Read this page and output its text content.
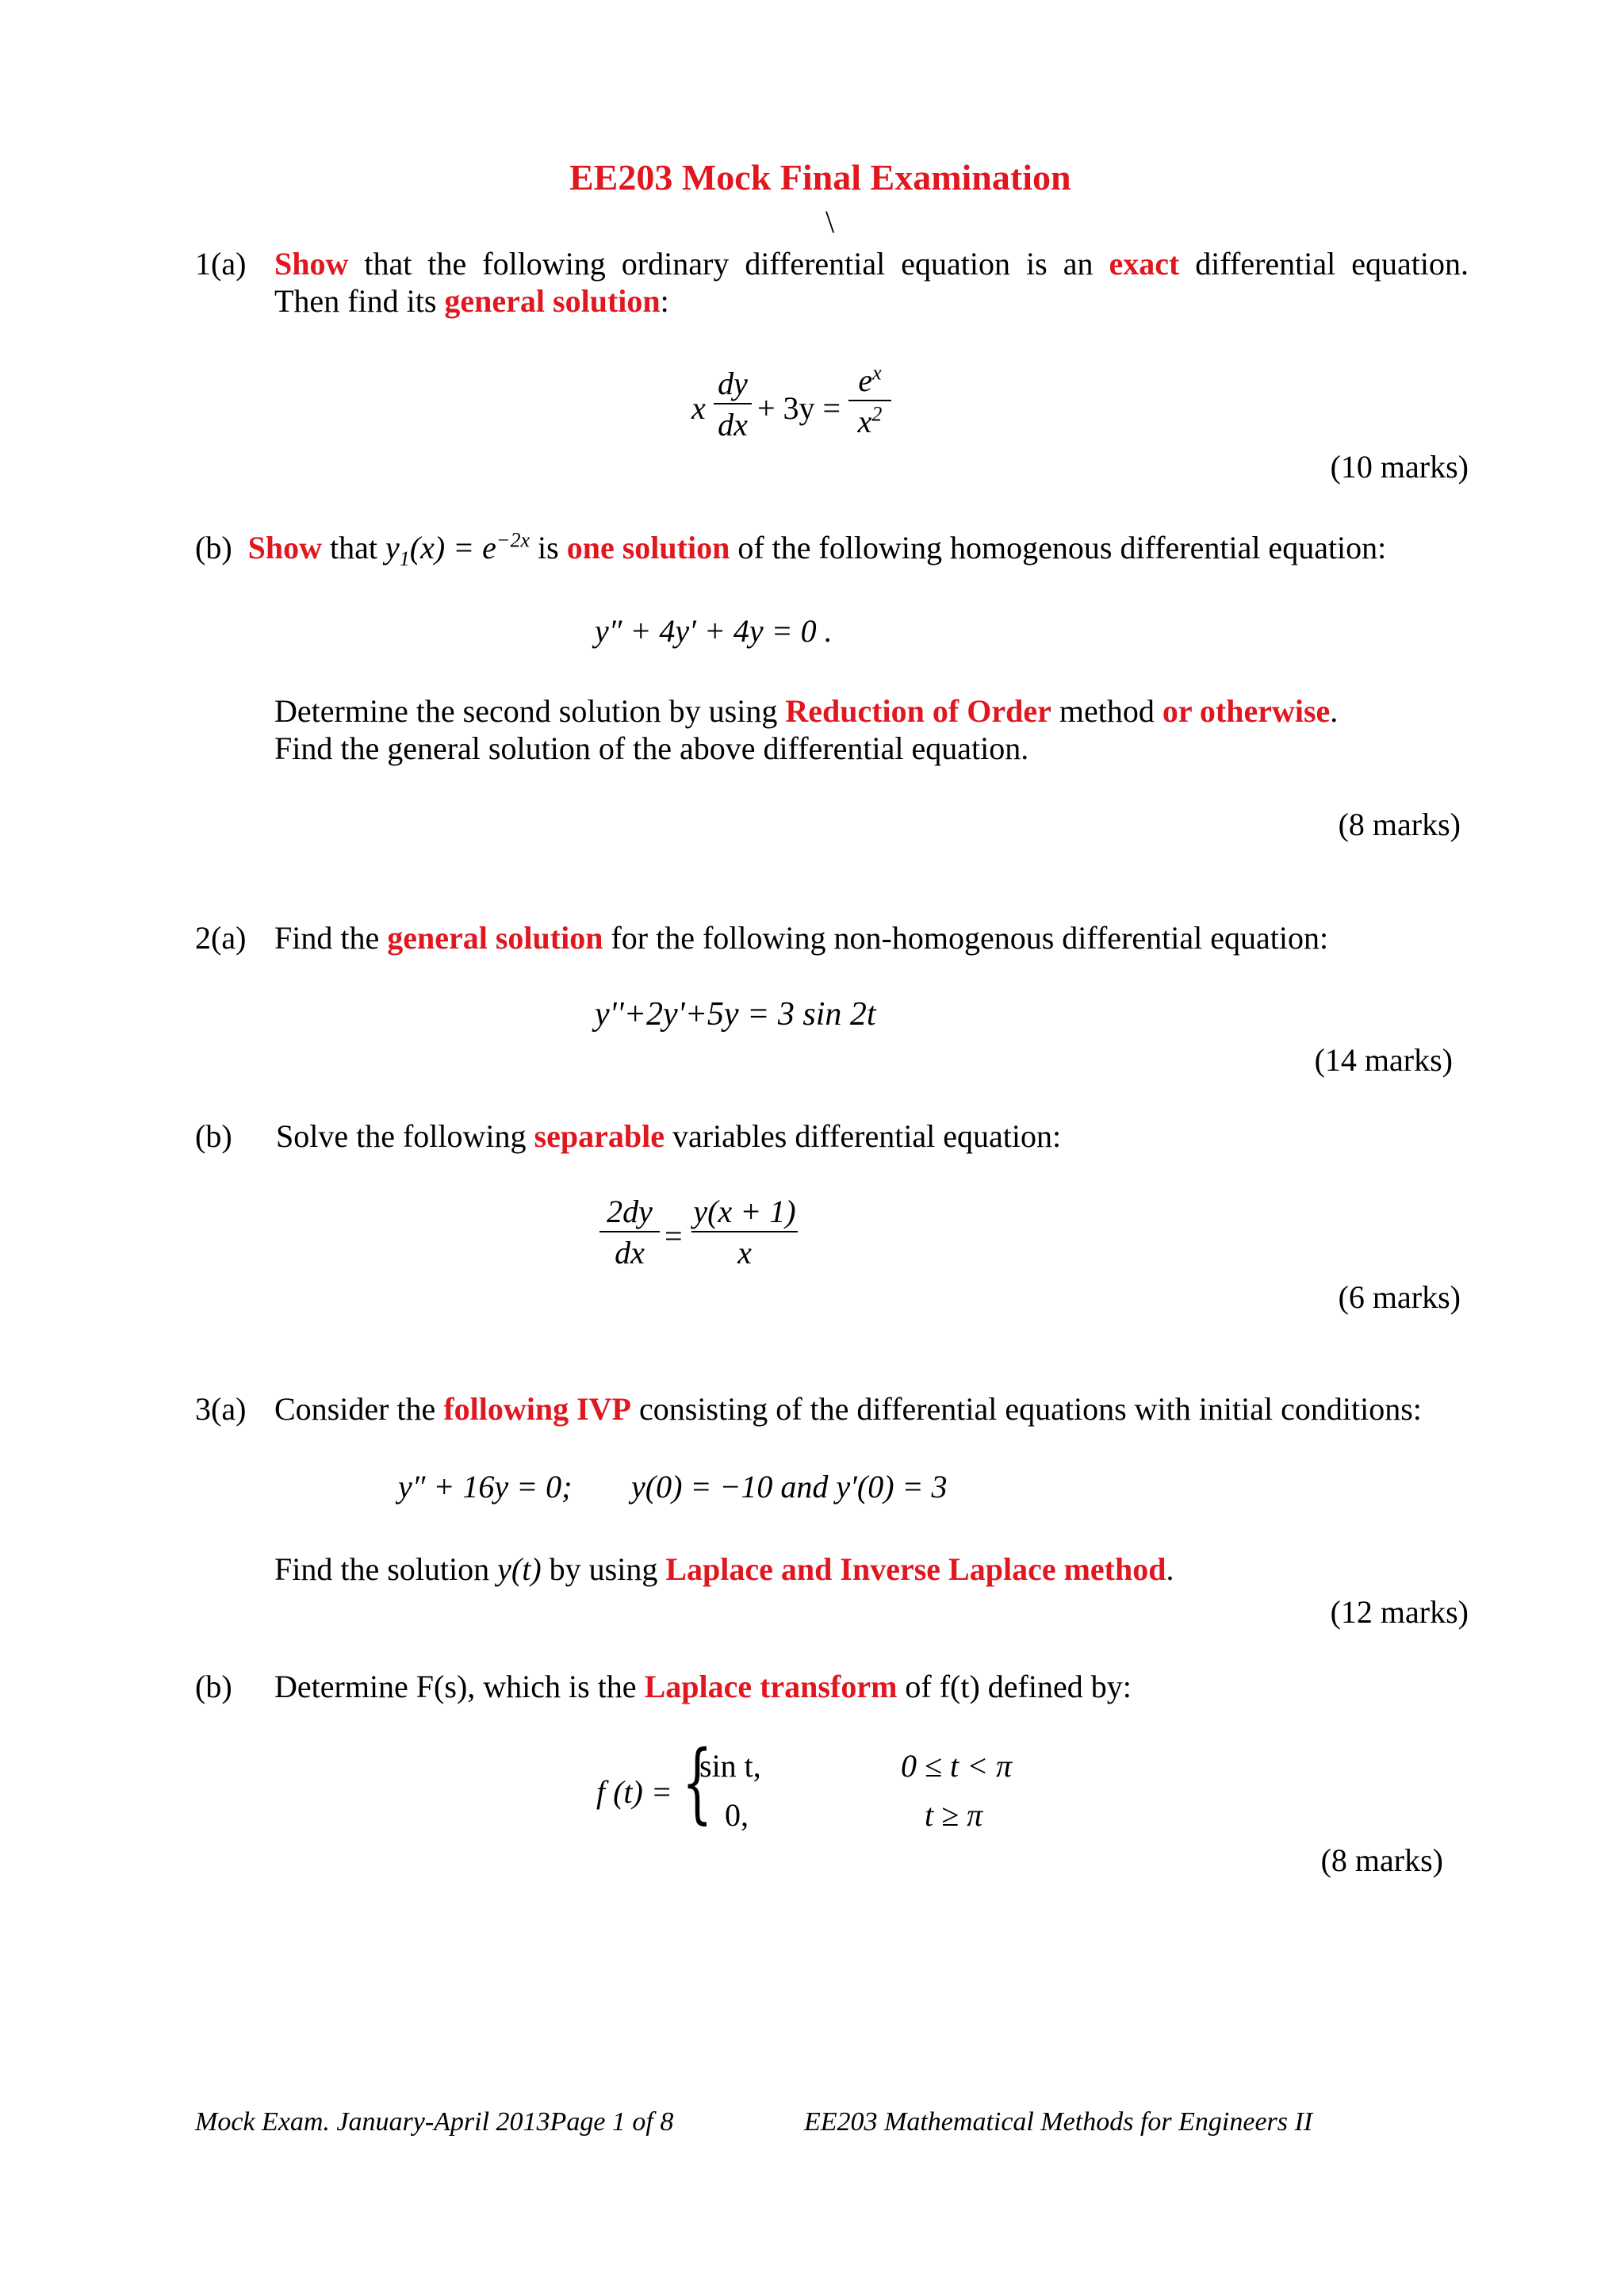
EE203 Mock Final Examination
\
1(a) Show that the following ordinary differential equation is an exact differential equation.
Then find its general solution:
x
dy
dx + 3y =
$e^x$
$x^2$
(10 marks)
(b) Show that $y_1(x) = e^{-2x}$ is one solution of the following homogenous differential equation:
y″ + 4y′ + 4y = 0 .
Determine the second solution by using Reduction of Order method or otherwise.
Find the general solution of the above differential equation.
(8 marks)
2(a) Find the general solution for the following non-homogenous differential equation:
y''+2y'+5y = 3 sin 2t
(14 marks)
(b) Solve the following separable variables differential equation:
2dy
dx =
y(x + 1)
x
(6 marks)
3(a) Consider the following IVP consisting of the differential equations with initial conditions:
y″ + 16y = 0; y(0) = −10 and y′(0) = 3
Find the solution y(t) by using Laplace and Inverse Laplace method.
(12 marks)
(b) Determine F(s), which is the Laplace transform of f(t) defined by:
f (t) = {
sin t,
0,
0 ≤ t < π
t ≥ π
(8 marks)
Mock Exam. January-April 2013Page 1 of 8	EE203 Mathematical Methods for Engineers II
